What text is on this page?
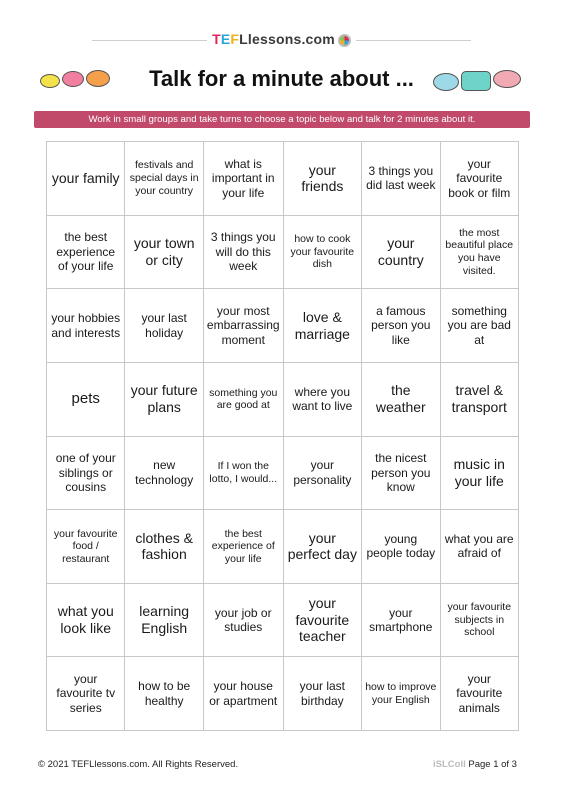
TEFLlessons.com
Talk for a minute about ...
Work in small groups and take turns to choose a topic below and talk for 2 minutes about it.
your family
festivals and special days in your country
what is important in your life
your friends
3 things you did last week
your favourite book or film
the best experience of your life
your town or city
3 things you will do this week
how to cook your favourite dish
your country
the most beautiful place you have visited.
your hobbies and interests
your last holiday
your most embarrassing moment
love & marriage
a famous person you like
something you are bad at
pets	your future plans
something you are good at
where you want to live
the weather
travel & transport
one of your siblings or cousins
new technology
If I won the lotto, I would...
your personality
the nicest person you know
music in your life
your favourite food / restaurant
clothes & fashion
the best experience of your life
your perfect day
young people today
what you are afraid of
what you look like
learning English
your job or studies
your favourite teacher
your smartphone
your favourite subjects in school
your favourite tv series
how to be healthy
your house or apartment
your last birthday
how to improve your English
your favourite animals
© 2021 TEFLlessons.com. All Rights Reserved.	iSLColl Page 1 of 3
